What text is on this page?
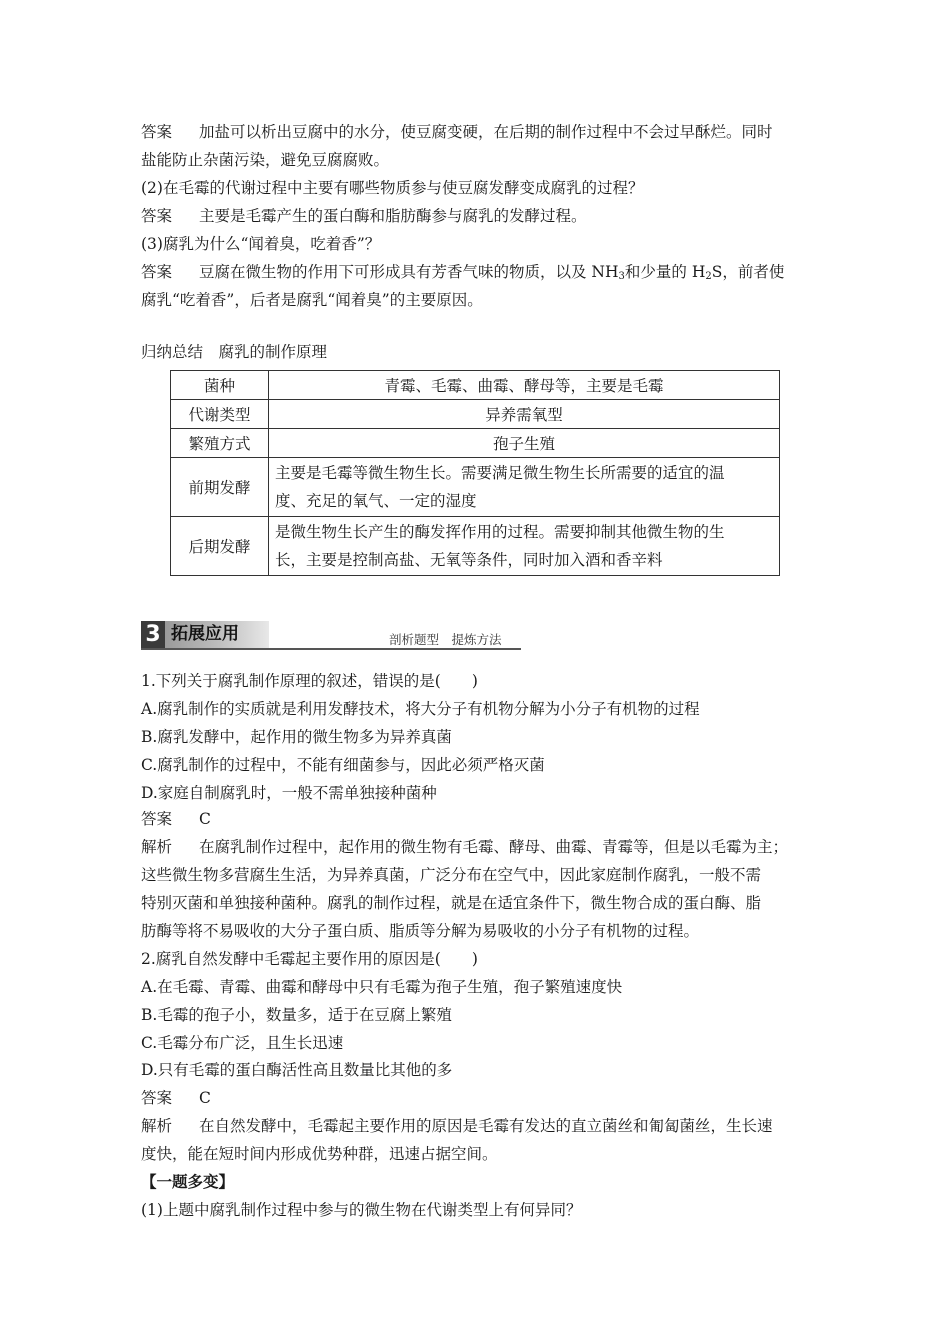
答案 加盐可以析出豆腐中的水分，使豆腐变硬，在后期的制作过程中不会过早酥烂。同时
盐能防止杂菌污染，避免豆腐腐败。
(2)在毛霉的代谢过程中主要有哪些物质参与使豆腐发酵变成腐乳的过程？
答案 主要是毛霉产生的蛋白酶和脂肪酶参与腐乳的发酵过程。
(3)腐乳为什么“闻着臭，吃着香”？
答案 豆腐在微生物的作用下可形成具有芳香气味的物质，以及 $NH_3$和少量的 $H_2S$，前者使
腐乳“吃着香”，后者是腐乳“闻着臭”的主要原因。
归纳总结　腐乳的制作原理
菌种	青霉、毛霉、曲霉、酵母等，主要是毛霉
代谢类型	异养需氧型
繁殖方式	孢子生殖
前期发酵	主要是毛霉等微生物生长。需要满足微生物生长所需要的适宜的温
度、充足的氧气、一定的湿度

后期发酵	是微生物生长产生的酶发挥作用的过程。需要抑制其他微生物的生
长，主要是控制高盐、无氧等条件，同时加入酒和香辛料
3 拓展应用	剖析题型　提炼方法
1.下列关于腐乳制作原理的叙述，错误的是(　　)
A.腐乳制作的实质就是利用发酵技术，将大分子有机物分解为小分子有机物的过程
B.腐乳发酵中，起作用的微生物多为异养真菌
C.腐乳制作的过程中，不能有细菌参与，因此必须严格灭菌
D.家庭自制腐乳时，一般不需单独接种菌种
答案 C
解析 在腐乳制作过程中，起作用的微生物有毛霉、酵母、曲霉、青霉等，但是以毛霉为主；
这些微生物多营腐生生活，为异养真菌，广泛分布在空气中，因此家庭制作腐乳，一般不需
特别灭菌和单独接种菌种。腐乳的制作过程，就是在适宜条件下，微生物合成的蛋白酶、脂
肪酶等将不易吸收的大分子蛋白质、脂质等分解为易吸收的小分子有机物的过程。
2.腐乳自然发酵中毛霉起主要作用的原因是(　　)
A.在毛霉、青霉、曲霉和酵母中只有毛霉为孢子生殖，孢子繁殖速度快
B.毛霉的孢子小，数量多，适于在豆腐上繁殖
C.毛霉分布广泛，且生长迅速
D.只有毛霉的蛋白酶活性高且数量比其他的多
答案 C
解析 在自然发酵中，毛霉起主要作用的原因是毛霉有发达的直立菌丝和匍匐菌丝，生长速
度快，能在短时间内形成优势种群，迅速占据空间。
【一题多变】
(1)上题中腐乳制作过程中参与的微生物在代谢类型上有何异同？
